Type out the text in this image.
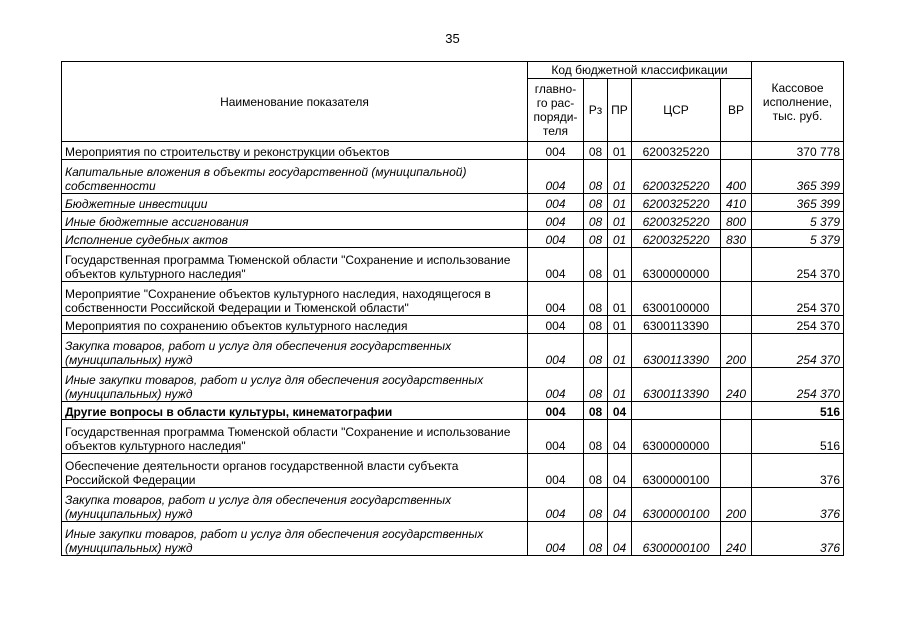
35
Наименование показателя	Код бюджетной классификации					Кассовое исполнение, тыс. руб.
	главно-го рас-поряди-теля	Рз	ПР	ЦСР	ВР	
Мероприятия по строительству и реконструкции объектов	004	08	01	6200325220		370 778
Капитальные вложения в объекты государственной (муниципальной) собственности	004	08	01	6200325220	400	365 399
Бюджетные инвестиции	004	08	01	6200325220	410	365 399
Иные бюджетные ассигнования	004	08	01	6200325220	800	5 379
Исполнение судебных актов	004	08	01	6200325220	830	5 379
Государственная программа Тюменской области "Сохранение и использование объектов культурного наследия"	004	08	01	6300000000		254 370
Мероприятие "Сохранение объектов культурного наследия, находящегося в собственности Российской Федерации и Тюменской области"	004	08	01	6300100000		254 370
Мероприятия по сохранению объектов культурного наследия	004	08	01	6300113390		254 370
Закупка товаров, работ и услуг для обеспечения государственных (муниципальных) нужд	004	08	01	6300113390	200	254 370
Иные закупки товаров, работ и услуг для обеспечения государственных (муниципальных) нужд	004	08	01	6300113390	240	254 370
Другие вопросы в области культуры, кинематографии	004	08	04			516
Государственная программа Тюменской области "Сохранение и использование объектов культурного наследия"	004	08	04	6300000000		516
Обеспечение деятельности органов государственной власти субъекта Российской Федерации	004	08	04	6300000100		376
Закупка товаров, работ и услуг для обеспечения государственных (муниципальных) нужд	004	08	04	6300000100	200	376
Иные закупки товаров, работ и услуг для обеспечения государственных (муниципальных) нужд	004	08	04	6300000100	240	376
